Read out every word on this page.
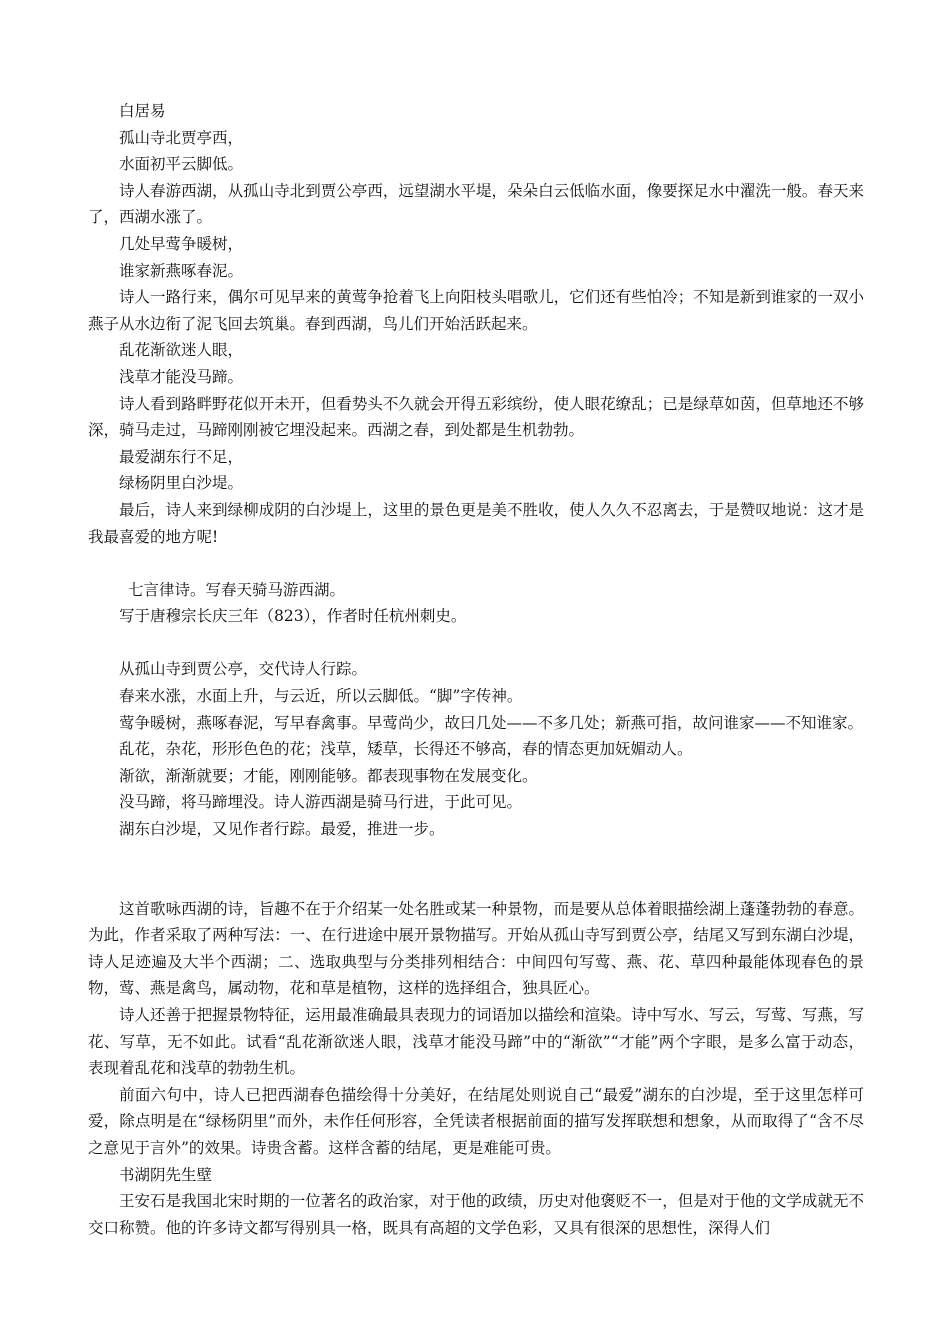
白居易

孤山寺北贾亭西，

水面初平云脚低。

诗人春游西湖，从孤山寺北到贾公亭西，远望湖水平堤，朵朵白云低临水面，像要探足水中濯洗一般。春天来了，西湖水涨了。

几处早莺争暖树，

谁家新燕啄春泥。

诗人一路行来，偶尔可见早来的黄莺争抢着飞上向阳枝头唱歌儿，它们还有些怕冷；不知是新到谁家的一双小燕子从水边衔了泥飞回去筑巢。春到西湖，鸟儿们开始活跃起来。

乱花渐欲迷人眼，

浅草才能没马蹄。

诗人看到路畔野花似开未开，但看势头不久就会开得五彩缤纷，使人眼花缭乱；已是绿草如茵，但草地还不够深，骑马走过，马蹄刚刚被它埋没起来。西湖之春，到处都是生机勃勃。

最爱湖东行不足，

绿杨阴里白沙堤。

最后，诗人来到绿柳成阴的白沙堤上，这里的景色更是美不胜收，使人久久不忍离去，于是赞叹地说：这才是我最喜爱的地方呢!

七言律诗。写春天骑马游西湖。

写于唐穆宗长庆三年（823），作者时任杭州刺史。

从孤山寺到贾公亭，交代诗人行踪。

春来水涨，水面上升，与云近，所以云脚低。“脚”字传神。

莺争暖树，燕啄春泥，写早春禽事。早莺尚少，故曰几处——不多几处；新燕可指，故问谁家——不知谁家。

乱花，杂花，形形色色的花；浅草，矮草，长得还不够高，春的情态更加妩媚动人。

渐欲，渐渐就要；才能，刚刚能够。都表现事物在发展变化。

没马蹄，将马蹄埋没。诗人游西湖是骑马行进，于此可见。

湖东白沙堤，又见作者行踪。最爱，推进一步。

这首歌咏西湖的诗，旨趣不在于介绍某一处名胜或某一种景物，而是要从总体着眼描绘湖上蓬蓬勃勃的春意。为此，作者采取了两种写法：一、在行进途中展开景物描写。开始从孤山寺写到贾公亭，结尾又写到东湖白沙堤，诗人足迹遍及大半个西湖；二、选取典型与分类排列相结合：中间四句写莺、燕、花、草四种最能体现春色的景物，莺、燕是禽鸟，属动物，花和草是植物，这样的选择组合，独具匠心。

诗人还善于把握景物特征，运用最准确最具表现力的词语加以描绘和渲染。诗中写水、写云，写莺、写燕，写花、写草，无不如此。试看“乱花渐欲迷人眼，浅草才能没马蹄”中的“渐欲”“才能”两个字眼，是多么富于动态，表现着乱花和浅草的勃勃生机。

前面六句中，诗人已把西湖春色描绘得十分美好，在结尾处则说自己“最爱”湖东的白沙堤，至于这里怎样可爱，除点明是在“绿杨阴里”而外，未作任何形容，全凭读者根据前面的描写发挥联想和想象，从而取得了“含不尽之意见于言外”的效果。诗贵含蓄。这样含蓄的结尾，更是难能可贵。

书湖阴先生壁

王安石是我国北宋时期的一位著名的政治家，对于他的政绩，历史对他褒贬不一，但是对于他的文学成就无不交口称赞。他的许多诗文都写得别具一格，既具有高超的文学色彩，又具有很深的思想性，深得人们
